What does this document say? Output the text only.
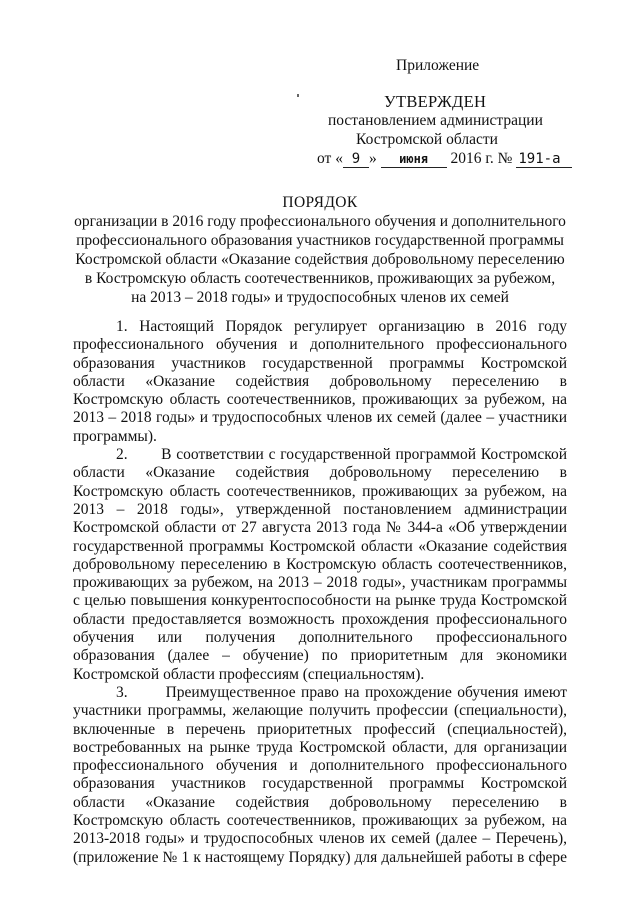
Приложение
УТВЕРЖДЕН
постановлением администрации
Костромской области
от « 9 » июня 2016 г. № 191-а
ПОРЯДОК
организации в 2016 году профессионального обучения и дополнительного
профессионального образования участников государственной программы
Костромской области «Оказание содействия добровольному переселению
в Костромскую область соотечественников, проживающих за рубежом,
на 2013 – 2018 годы» и трудоспособных членов их семей

1. Настоящий Порядок регулирует организацию в 2016 году профессионального обучения и дополнительного профессионального образования участников государственной программы Костромской области «Оказание содействия добровольному переселению в Костромскую область соотечественников, проживающих за рубежом, на 2013 – 2018 годы» и трудоспособных членов их семей (далее – участники программы).

2. В соответствии с государственной программой Костромской области «Оказание содействия добровольному переселению в Костромскую область соотечественников, проживающих за рубежом, на 2013 – 2018 годы», утвержденной постановлением администрации Костромской области от 27 августа 2013 года № 344-а «Об утверждении государственной программы Костромской области «Оказание содействия добровольному переселению в Костромскую область соотечественников, проживающих за рубежом, на 2013 – 2018 годы», участникам программы с целью повышения конкурентоспособности на рынке труда Костромской области предоставляется возможность прохождения профессионального обучения или получения дополнительного профессионального образования (далее – обучение) по приоритетным для экономики Костромской области профессиям (специальностям).

3. Преимущественное право на прохождение обучения имеют участники программы, желающие получить профессии (специальности), включенные в перечень приоритетных профессий (специальностей), востребованных на рынке труда Костромской области, для организации профессионального обучения и дополнительного профессионального образования участников государственной программы Костромской области «Оказание содействия добровольному переселению в Костромскую область соотечественников, проживающих за рубежом, на 2013-2018 годы» и трудоспособных членов их семей (далее – Перечень), (приложение № 1 к настоящему Порядку) для дальнейшей работы в сфере
